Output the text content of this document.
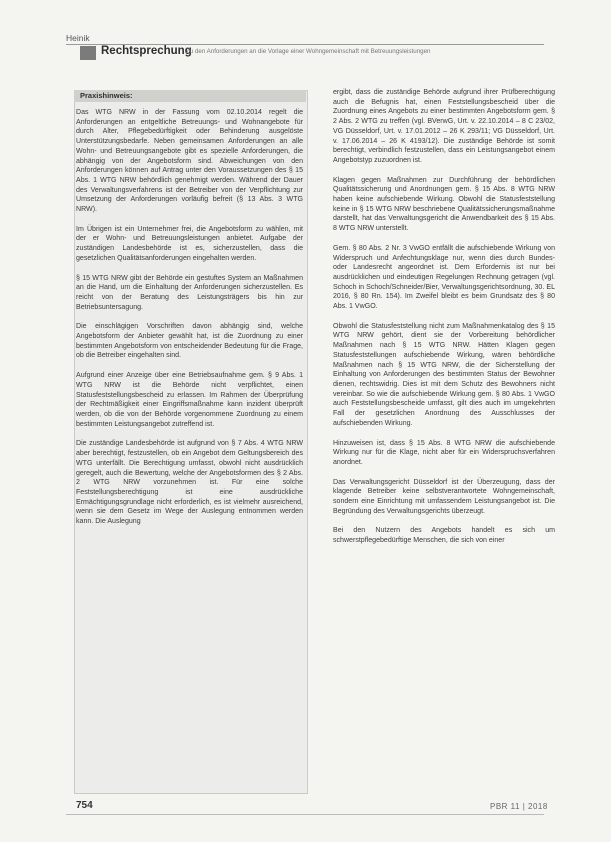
Heinik
Rechtsprechung
Zu den Anforderungen an die Vorlage einer Wohngemeinschaft mit Betreuungsleistungen
Praxishinweis:

Das WTG NRW in der Fassung vom 02.10.2014 regelt die Anforderungen an entgeltliche Betreuungs- und Wohnangebote für durch Alter, Pflegebedürftigkeit oder Behinderung ausgelöste Unterstützungsbedarfe. Neben gemeinsamen Anforderungen an alle Wohn- und Betreuungsangebote gibt es spezielle Anforderungen, die abhängig von der Angebotsform sind. Abweichungen von den Anforderungen können auf Antrag unter den Voraussetzungen des § 15 Abs. 1 WTG NRW behördlich genehmigt werden. Während der Dauer des Verwaltungsverfahrens ist der Betreiber von der Verpflichtung zur Umsetzung der Anforderungen vorläufig befreit (§ 13 Abs. 3 WTG NRW).

Im Übrigen ist ein Unternehmer frei, die Angebotsform zu wählen, mit der er Wohn- und Betreuungsleistungen anbietet. Aufgabe der zuständigen Landesbehörde ist es, sicherzustellen, dass die gesetzlichen Qualitätsanforderungen eingehalten werden.

§ 15 WTG NRW gibt der Behörde ein gestuftes System an Maßnahmen an die Hand, um die Einhaltung der Anforderungen sicherzustellen. Es reicht von der Beratung des Leistungsträgers bis hin zur Betriebsuntersagung.

Die einschlägigen Vorschriften davon abhängig sind, welche Angebotsform der Anbieter gewählt hat, ist die Zuordnung zu einer bestimmten Angebotsform von entscheidender Bedeutung für die Frage, ob die Betreiber eingehalten sind.

Aufgrund einer Anzeige über eine Betriebsaufnahme gem. § 9 Abs. 1 WTG NRW ist die Behörde nicht verpflichtet, einen Statusfeststellungsbescheid zu erlassen. Im Rahmen der Überprüfung der Rechtmäßigkeit einer Eingriffsmaßnahme kann inzident überprüft werden, ob die von der Behörde vorgenommene Zuordnung zu einem bestimmten Leistungsangebot zutreffend ist.

Die zuständige Landesbehörde ist aufgrund von § 7 Abs. 4 WTG NRW aber berechtigt, festzustellen, ob ein Angebot dem Geltungsbereich des WTG unterfällt. Die Berechtigung umfasst, obwohl nicht ausdrücklich geregelt, auch die Bewertung, welche der Angebotsformen des § 2 Abs. 2 WTG NRW vorzunehmen ist. Für eine solche Feststellungsberechtigung ist eine ausdrückliche Ermächtigungsgrundlage nicht erforderlich, es ist vielmehr ausreichend, wenn sie dem Gesetz im Wege der Auslegung entnommen werden kann. Die Auslegung

ergibt, dass die zuständige Behörde aufgrund ihrer Prüfberechtigung auch die Befugnis hat, einen Feststellungsbescheid über die Zuordnung eines Angebots zu einer bestimmten Angebotsform gem. § 2 Abs. 2 WTG zu treffen (vgl. BVerwG, Urt. v. 22.10.2014 – 8 C 23/02, VG Düsseldorf, Urt. v. 17.01.2012 – 26 K 293/11; VG Düsseldorf, Urt. v. 17.06.2014 – 26 K 4193/12). Die zuständige Behörde ist somit berechtigt, verbindlich festzustellen, dass ein Leistungsangebot einem Angebotstyp zuzuordnen ist.

Klagen gegen Maßnahmen zur Durchführung der behördlichen Qualitätssicherung und Anordnungen gem. § 15 Abs. 8 WTG NRW haben keine aufschiebende Wirkung. Obwohl die Statusfeststellung keine in § 15 WTG NRW beschriebene Qualitätssicherungsmaßnahme darstellt, hat das Verwaltungsgericht die Anwendbarkeit des § 15 Abs. 8 WTG NRW unterstellt.

Gem. § 80 Abs. 2 Nr. 3 VwGO entfällt die aufschiebende Wirkung von Widerspruch und Anfechtungsklage nur, wenn dies durch Bundes- oder Landesrecht angeordnet ist. Dem Erfordernis ist nur bei ausdrücklichen und eindeutigen Regelungen Rechnung getragen (vgl. Schoch in Schoch/Schneider/Bier, Verwaltungsgerichtsordnung, 30. EL 2016, § 80 Rn. 154). Im Zweifel bleibt es beim Grundsatz des § 80 Abs. 1 VwGO.

Obwohl die Statusfeststellung nicht zum Maßnahmenkatalog des § 15 WTG NRW gehört, dient sie der Vorbereitung behördlicher Maßnahmen nach § 15 WTG NRW. Hätten Klagen gegen Statusfeststellungen aufschiebende Wirkung, wären behördliche Maßnahmen nach § 15 WTG NRW, die der Sicherstellung der Einhaltung von Anforderungen des bestimmten Status der Bewohner dienen, rechtswidrig. Dies ist mit dem Schutz des Bewohners nicht vereinbar. So wie die aufschiebende Wirkung gem. § 80 Abs. 1 VwGO auch Feststellungsbescheide umfasst, gilt dies auch im umgekehrten Fall der gesetzlichen Anordnung des Ausschlusses der aufschiebenden Wirkung.

Hinzuweisen ist, dass § 15 Abs. 8 WTG NRW die aufschiebende Wirkung nur für die Klage, nicht aber für ein Widerspruchsverfahren anordnet.

Das Verwaltungsgericht Düsseldorf ist der Überzeugung, dass der klagende Betreiber keine selbstverantwortete Wohngemeinschaft, sondern eine Einrichtung mit umfassendem Leistungsangebot ist. Die Begründung des Verwaltungsgerichts überzeugt.

Bei den Nutzern des Angebots handelt es sich um schwerstpflegebedürftige Menschen, die sich von einer

754	PBR 11 | 2018
